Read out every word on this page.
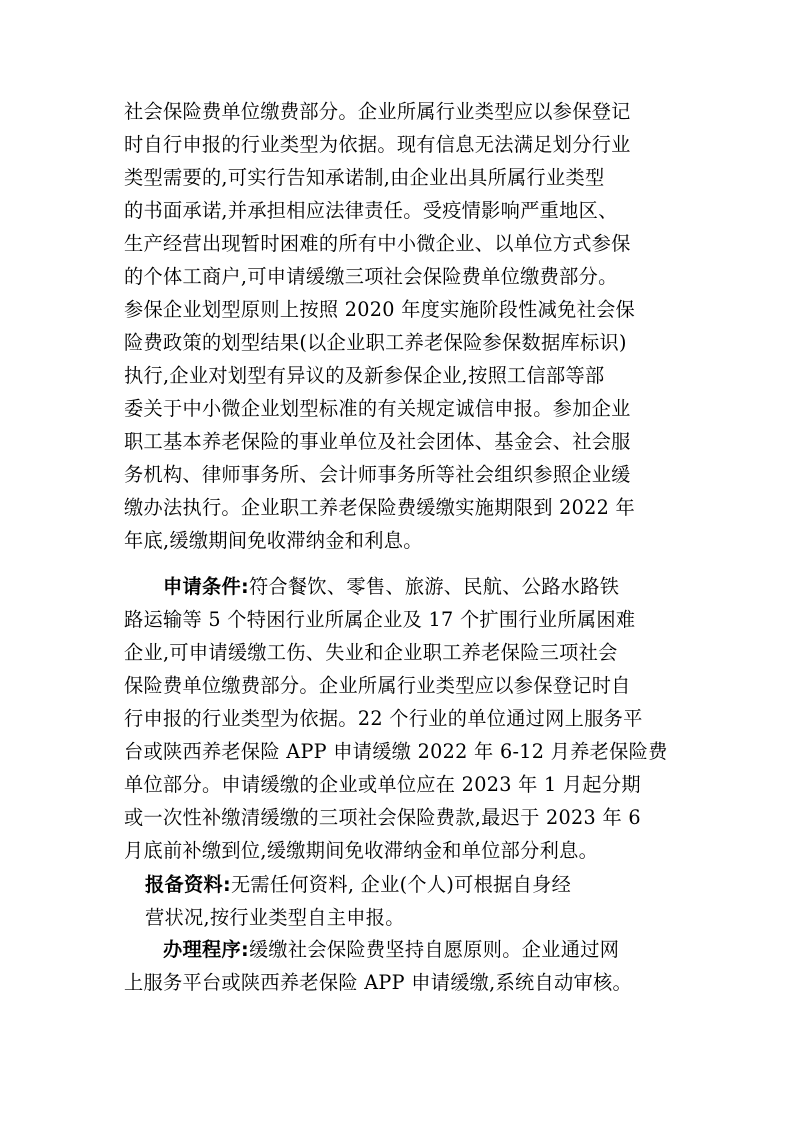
社会保险费单位缴费部分。企业所属行业类型应以参保登记
时自行申报的行业类型为依据。现有信息无法满足划分行业
类型需要的,可实行告知承诺制,由企业出具所属行业类型
的书面承诺,并承担相应法律责任。受疫情影响严重地区、
生产经营出现暂时困难的所有中小微企业、以单位方式参保
的个体工商户,可申请缓缴三项社会保险费单位缴费部分。
参保企业划型原则上按照 2020 年度实施阶段性减免社会保
险费政策的划型结果(以企业职工养老保险参保数据库标识)
执行,企业对划型有异议的及新参保企业,按照工信部等部
委关于中小微企业划型标准的有关规定诚信申报。参加企业
职工基本养老保险的事业单位及社会团体、基金会、社会服
务机构、律师事务所、会计师事务所等社会组织参照企业缓
缴办法执行。企业职工养老保险费缓缴实施期限到 2022 年
年底,缓缴期间免收滞纳金和利息。
申请条件:符合餐饮、零售、旅游、民航、公路水路铁
路运输等 5 个特困行业所属企业及 17 个扩围行业所属困难
企业,可申请缓缴工伤、失业和企业职工养老保险三项社会
保险费单位缴费部分。企业所属行业类型应以参保登记时自
行申报的行业类型为依据。22 个行业的单位通过网上服务平
台或陕西养老保险 APP 申请缓缴 2022 年 6-12 月养老保险费
单位部分。申请缓缴的企业或单位应在 2023 年 1 月起分期
或一次性补缴清缓缴的三项社会保险费款,最迟于 2023 年 6
月底前补缴到位,缓缴期间免收滞纳金和单位部分利息。
报备资料:无需任何资料, 企业(个人)可根据自身经
营状况,按行业类型自主申报。
办理程序:缓缴社会保险费坚持自愿原则。企业通过网
上服务平台或陕西养老保险 APP 申请缓缴,系统自动审核。
